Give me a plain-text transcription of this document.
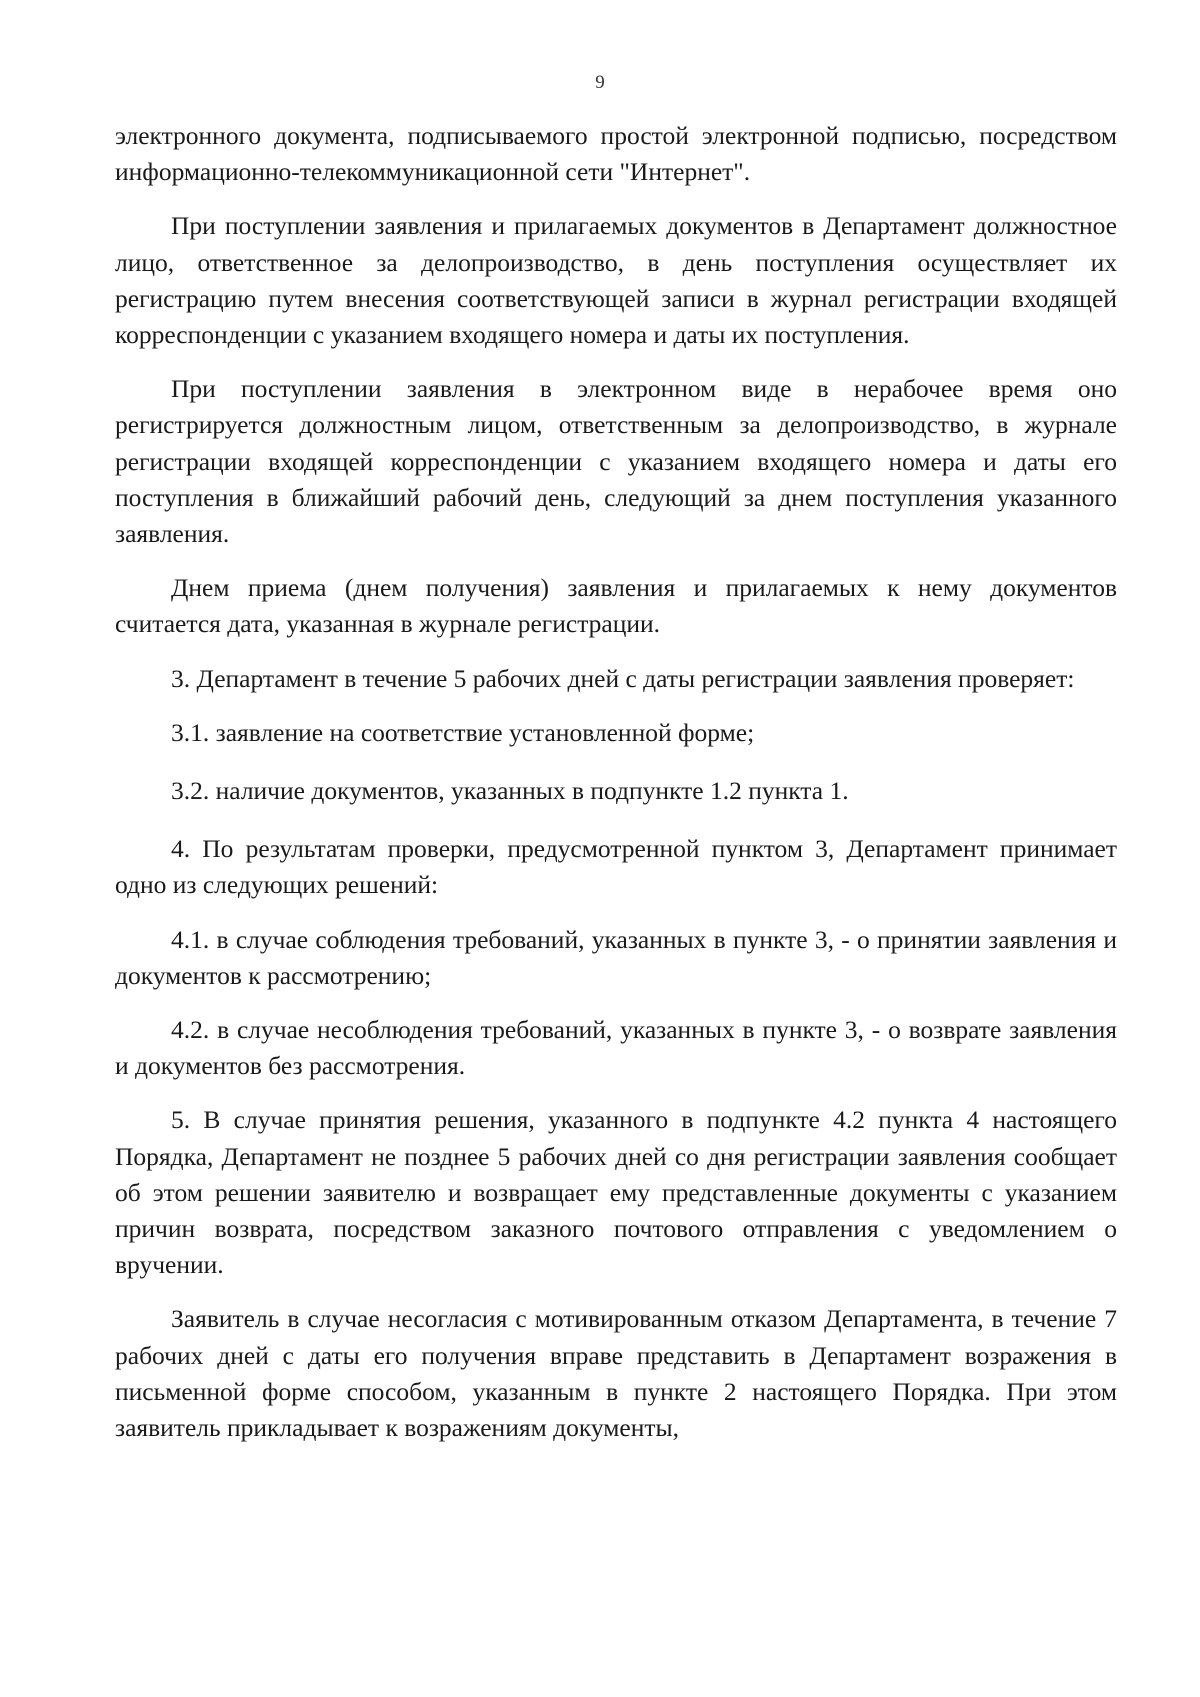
9

электронного документа, подписываемого простой электронной подписью, посредством информационно-телекоммуникационной сети "Интернет".

При поступлении заявления и прилагаемых документов в Департамент должностное лицо, ответственное за делопроизводство, в день поступления осуществляет их регистрацию путем внесения соответствующей записи в журнал регистрации входящей корреспонденции с указанием входящего номера и даты их поступления.

При поступлении заявления в электронном виде в нерабочее время оно регистрируется должностным лицом, ответственным за делопроизводство, в журнале регистрации входящей корреспонденции с указанием входящего номера и даты его поступления в ближайший рабочий день, следующий за днем поступления указанного заявления.

Днем приема (днем получения) заявления и прилагаемых к нему документов считается дата, указанная в журнале регистрации.

3. Департамент в течение 5 рабочих дней с даты регистрации заявления проверяет:

3.1. заявление на соответствие установленной форме;

3.2. наличие документов, указанных в подпункте 1.2 пункта 1.

4. По результатам проверки, предусмотренной пунктом 3, Департамент принимает одно из следующих решений:

4.1. в случае соблюдения требований, указанных в пункте 3, - о принятии заявления и документов к рассмотрению;

4.2. в случае несоблюдения требований, указанных в пункте 3, - о возврате заявления и документов без рассмотрения.

5. В случае принятия решения, указанного в подпункте 4.2 пункта 4 настоящего Порядка, Департамент не позднее 5 рабочих дней со дня регистрации заявления сообщает об этом решении заявителю и возвращает ему представленные документы с указанием причин возврата, посредством заказного почтового отправления с уведомлением о вручении.

Заявитель в случае несогласия с мотивированным отказом Департамента, в течение 7 рабочих дней с даты его получения вправе представить в Департамент возражения в письменной форме способом, указанным в пункте 2 настоящего Порядка. При этом заявитель прикладывает к возражениям документы,
